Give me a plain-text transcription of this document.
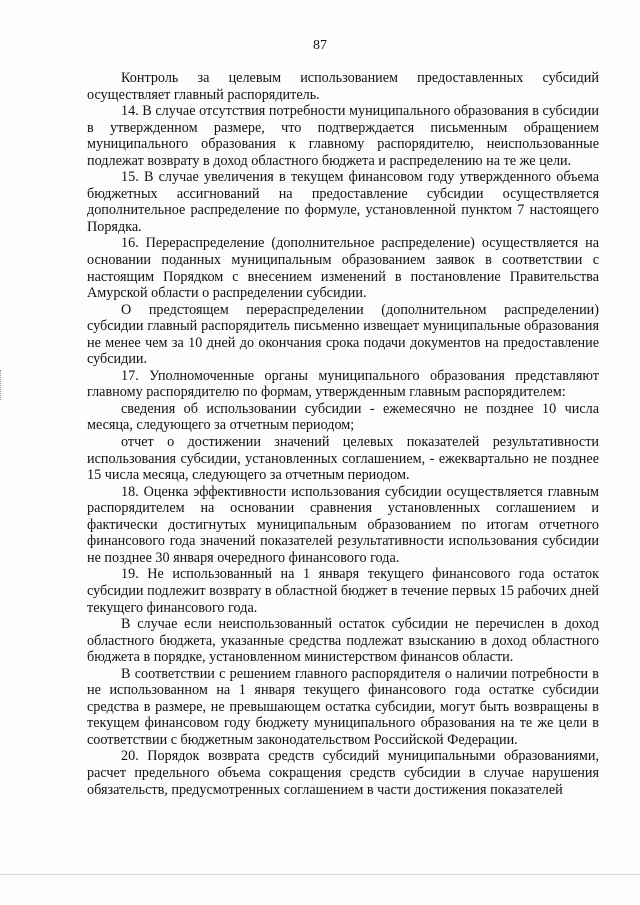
87

Контроль за целевым использованием предоставленных субсидий осуществляет главный распорядитель.

14. В случае отсутствия потребности муниципального образования в субсидии в утвержденном размере, что подтверждается письменным обращением муниципального образования к главному распорядителю, неиспользованные подлежат возврату в доход областного бюджета и распределению на те же цели.

15. В случае увеличения в текущем финансовом году утвержденного объема бюджетных ассигнований на предоставление субсидии осуществляется дополнительное распределение по формуле, установленной пунктом 7 настоящего Порядка.

16. Перераспределение (дополнительное распределение) осуществляется на основании поданных муниципальным образованием заявок в соответствии с настоящим Порядком с внесением изменений в постановление Правительства Амурской области о распределении субсидии.

О предстоящем перераспределении (дополнительном распределении) субсидии главный распорядитель письменно извещает муниципальные образования не менее чем за 10 дней до окончания срока подачи документов на предоставление субсидии.

17. Уполномоченные органы муниципального образования представляют главному распорядителю по формам, утвержденным главным распорядителем:

сведения об использовании субсидии - ежемесячно не позднее 10 числа месяца, следующего за отчетным периодом;

отчет о достижении значений целевых показателей результативности использования субсидии, установленных соглашением, - ежеквартально не позднее 15 числа месяца, следующего за отчетным периодом.

18. Оценка эффективности использования субсидии осуществляется главным распорядителем на основании сравнения установленных соглашением и фактически достигнутых муниципальным образованием по итогам отчетного финансового года значений показателей результативности использования субсидии не позднее 30 января очередного финансового года.

19. Не использованный на 1 января текущего финансового года остаток субсидии подлежит возврату в областной бюджет в течение первых 15 рабочих дней текущего финансового года.

В случае если неиспользованный остаток субсидии не перечислен в доход областного бюджета, указанные средства подлежат взысканию в доход областного бюджета в порядке, установленном министерством финансов области.

В соответствии с решением главного распорядителя о наличии потребности в не использованном на 1 января текущего финансового года остатке субсидии средства в размере, не превышающем остатка субсидии, могут быть возвращены в текущем финансовом году бюджету муниципального образования на те же цели в соответствии с бюджетным законодательством Российской Федерации.

20. Порядок возврата средств субсидий муниципальными образованиями, расчет предельного объема сокращения средств субсидии в случае нарушения обязательств, предусмотренных соглашением в части достижения показателей
